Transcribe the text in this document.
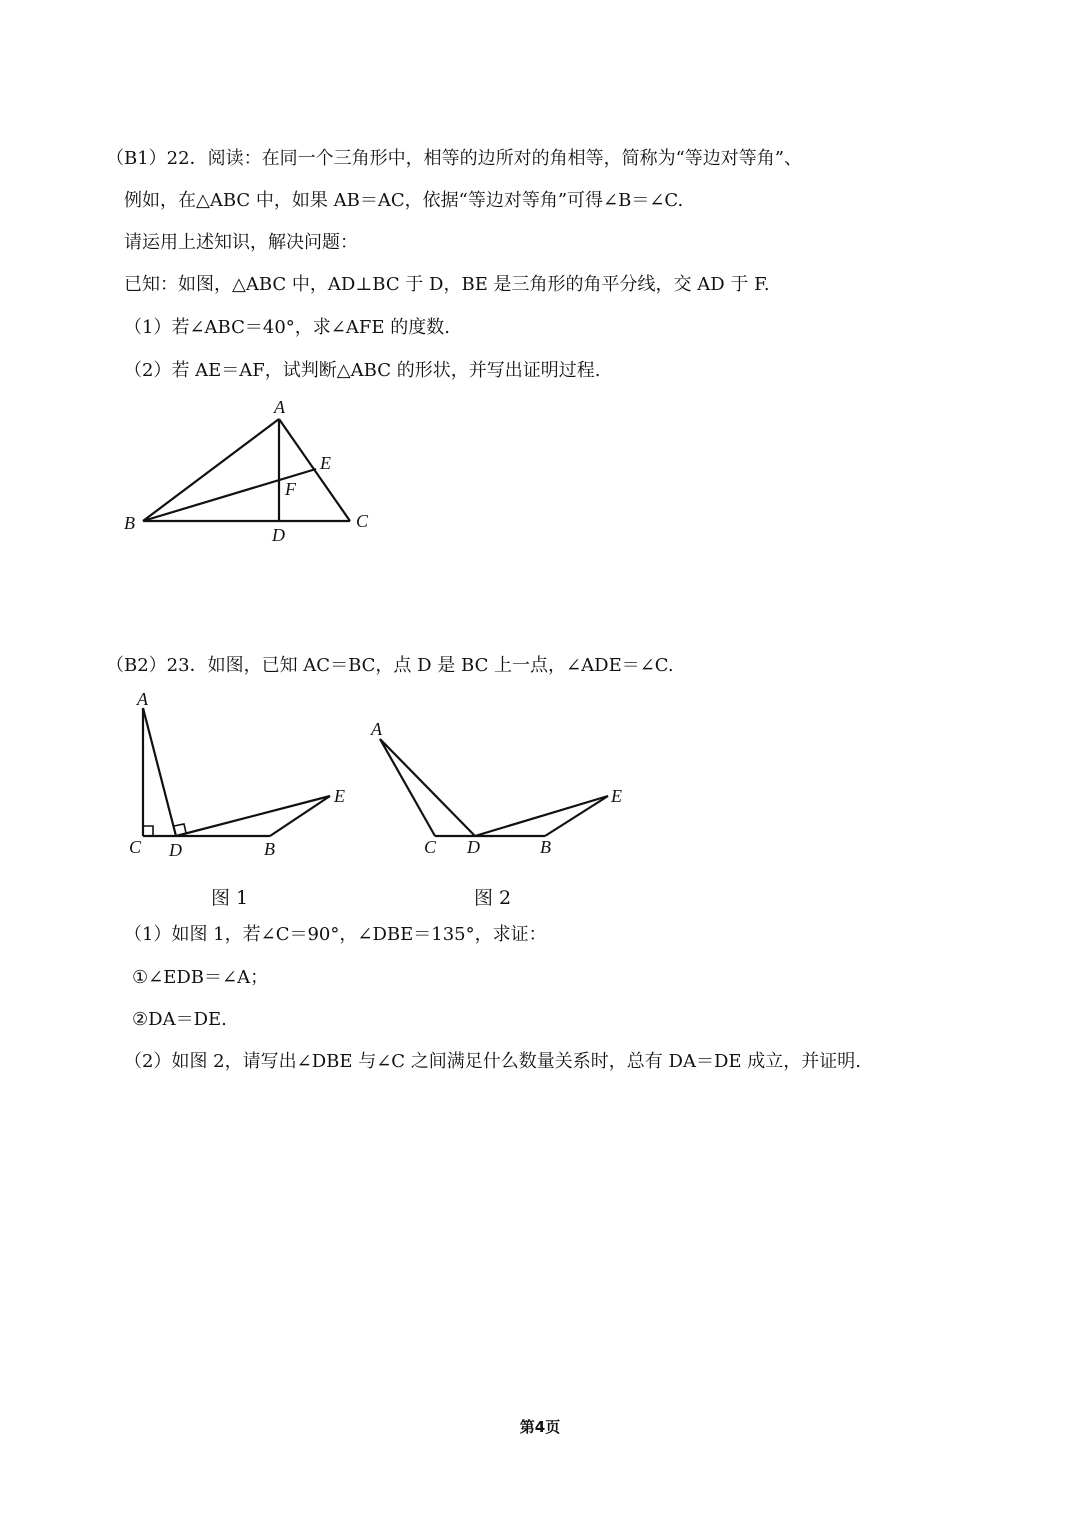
（B1）22．阅读：在同一个三角形中，相等的边所对的角相等，简称为“等边对等角”、
例如，在△ABC 中，如果 AB＝AC，依据“等边对等角”可得∠B＝∠C.
请运用上述知识，解决问题：
已知：如图，△ABC 中，AD⊥BC 于 D，BE 是三角形的角平分线，交 AD 于 F.
（1）若∠ABC＝40°，求∠AFE 的度数.
（2）若 AE＝AF，试判断△ABC 的形状，并写出证明过程.
A
B	C
D
E
F
A
C D	B
E
A
C D	B
E
（B2）23．如图，已知 AC＝BC，点 D 是 BC 上一点，∠ADE＝∠C.
图 1	图 2
（1）如图 1，若∠C＝90°，∠DBE＝135°，求证：
①∠EDB＝∠A；
②DA＝DE.
（2）如图 2，请写出∠DBE 与∠C 之间满足什么数量关系时，总有 DA＝DE 成立，并证明.
第4页
